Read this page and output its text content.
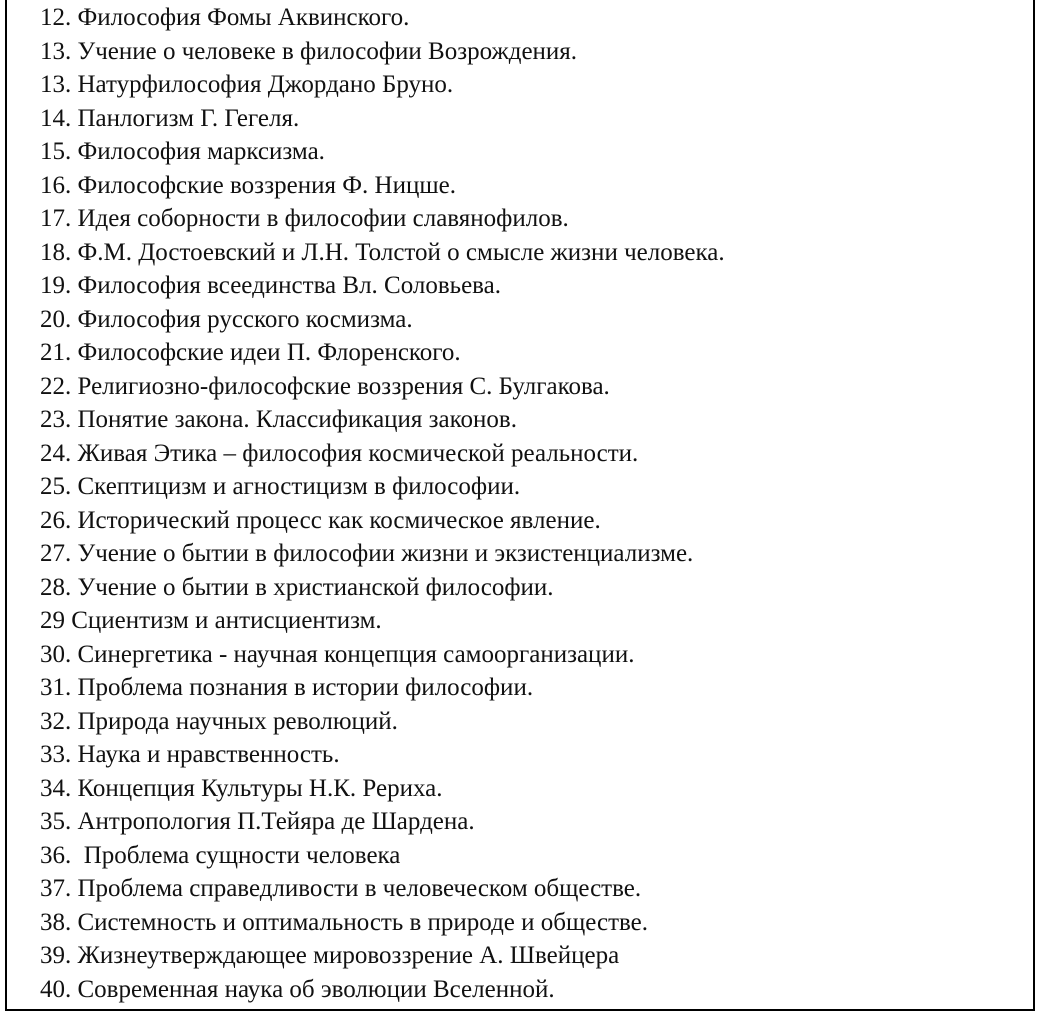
12. Философия Фомы Аквинского.
13. Учение о человеке в философии Возрождения.
13. Натурфилософия Джордано Бруно.
14. Панлогизм Г. Гегеля.
15. Философия марксизма.
16. Философские воззрения Ф. Ницше.
17. Идея соборности в философии славянофилов.
18. Ф.М. Достоевский и Л.Н. Толстой о смысле жизни человека.
19. Философия всеединства Вл. Соловьева.
20. Философия русского космизма.
21. Философские идеи П. Флоренского.
22. Религиозно-философские воззрения С. Булгакова.
23. Понятие закона. Классификация законов.
24. Живая Этика – философия космической реальности.
25. Скептицизм и агностицизм в философии.
26. Исторический процесс как космическое явление.
27. Учение о бытии в философии жизни и экзистенциализме.
28. Учение о бытии в христианской философии.
29 Сциентизм и антисциентизм.
30. Синергетика - научная концепция самоорганизации.
31. Проблема познания в истории философии.
32. Природа научных революций.
33. Наука и нравственность.
34. Концепция Культуры Н.К. Рериха.
35. Антропология П.Тейяра де Шардена.
36.  Проблема сущности человека
37. Проблема справедливости в человеческом обществе.
38. Системность и оптимальность в природе и обществе.
39. Жизнеутверждающее мировоззрение А. Швейцера
40. Современная наука об эволюции Вселенной.
